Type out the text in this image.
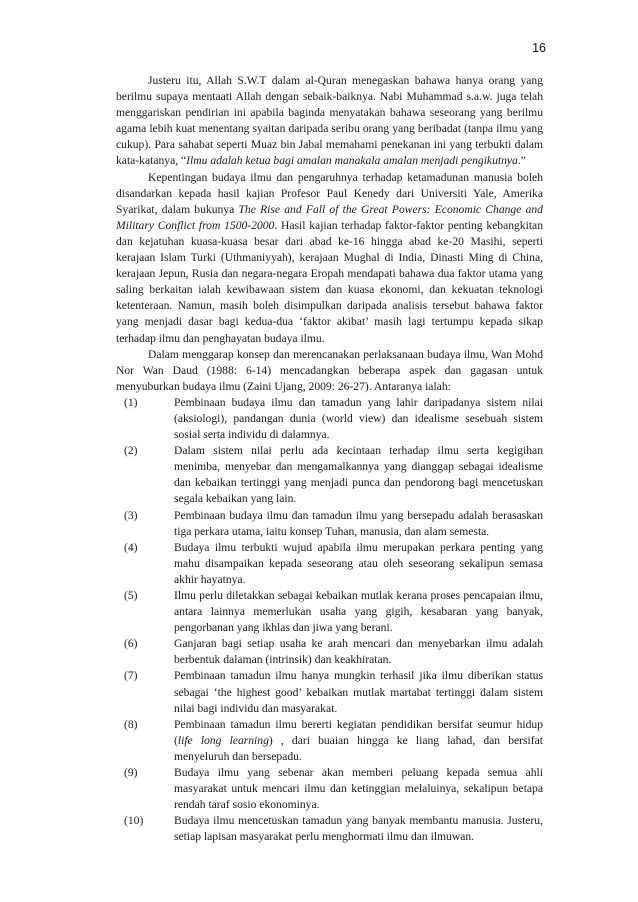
16

Justeru itu, Allah S.W.T dalam al-Quran menegaskan bahawa hanya orang yang berilmu supaya mentaati Allah dengan sebaik-baiknya. Nabi Muhammad s.a.w. juga telah menggariskan pendirian ini apabila baginda menyatakan bahawa seseorang yang berilmu agama lebih kuat menentang syaitan daripada seribu orang yang beribadat (tanpa ilmu yang cukup). Para sahabat seperti Muaz bin Jabal memahami penekanan ini yang terbukti dalam kata-katanya, “Ilmu adalah ketua bagi amalan manakala amalan menjadi pengikutnya.”

Kepentingan budaya ilmu dan pengaruhnya terhadap ketamadunan manusia boleh disandarkan kepada hasil kajian Profesor Paul Kenedy dari Universiti Yale, Amerika Syarikat, dalam bukunya The Rise and Fall of the Great Powers: Economic Change and Military Conflict from 1500-2000. Hasil kajian terhadap faktor-faktor penting kebangkitan dan kejatuhan kuasa-kuasa besar dari abad ke-16 hingga abad ke-20 Masihi, seperti kerajaan Islam Turki (Uthmaniyyah), kerajaan Mughal di India, Dinasti Ming di China, kerajaan Jepun, Rusia dan negara-negara Eropah mendapati bahawa dua faktor utama yang saling berkaitan ialah kewibawaan sistem dan kuasa ekonomi, dan kekuatan teknologi ketenteraan. Namun, masih boleh disimpulkan daripada analisis tersebut bahawa faktor yang menjadi dasar bagi kedua-dua ‘faktor akibat’ masih lagi tertumpu kepada sikap terhadap ilmu dan penghayatan budaya ilmu.

Dalam menggarap konsep dan merencanakan perlaksanaan budaya ilmu, Wan Mohd Nor Wan Daud (1988: 6-14) mencadangkan beberapa aspek dan gagasan untuk menyuburkan budaya ilmu (Zaini Ujang, 2009: 26-27). Antaranya ialah:

(1)	Pembinaan budaya ilmu dan tamadun yang lahir daripadanya sistem nilai (aksiologi), pandangan dunia (world view) dan idealisme sesebuah sistem sosial serta individu di dalamnya.
(2)	Dalam sistem nilai perlu ada kecintaan terhadap ilmu serta kegigihan menimba, menyebar dan mengamalkannya yang dianggap sebagai idealisme dan kebaikan tertinggi yang menjadi punca dan pendorong bagi mencetuskan segala kebaikan yang lain.
(3)	Pembinaan budaya ilmu dan tamadun ilmu yang bersepadu adalah berasaskan tiga perkara utama, iaitu konsep Tuhan, manusia, dan alam semesta.
(4)	Budaya ilmu terbukti wujud apabila ilmu merupakan perkara penting yang mahu disampaikan kepada seseorang atau oleh seseorang sekalipun semasa akhir hayatnya.
(5)	Ilmu perlu diletakkan sebagai kebaikan mutlak kerana proses pencapaian ilmu, antara lainnya memerlukan usaha yang gigih, kesabaran yang banyak, pengorbanan yang ikhlas dan jiwa yang berani.
(6)	Ganjaran bagi setiap usaha ke arah mencari dan menyebarkan ilmu adalah berbentuk dalaman (intrinsik) dan keakhiratan.
(7)	Pembinaan tamadun ilmu hanya mungkin terhasil jika ilmu diberikan status sebagai ‘the highest good’ kebaikan mutlak martabat tertinggi dalam sistem nilai bagi individu dan masyarakat.
(8)	Pembinaan tamadun ilmu bererti kegiatan pendidikan bersifat seumur hidup (life long learning) , dari buaian hingga ke liang lahad, dan bersifat menyeluruh dan bersepadu.
(9)	Budaya ilmu yang sebenar akan memberi peluang kepada semua ahli masyarakat untuk mencari ilmu dan ketinggian melaluinya, sekalipun betapa rendah taraf sosio ekonominya.
(10)	Budaya ilmu mencetuskan tamadun yang banyak membantu manusia. Justeru, setiap lapisan masyarakat perlu menghormati ilmu dan ilmuwan.
